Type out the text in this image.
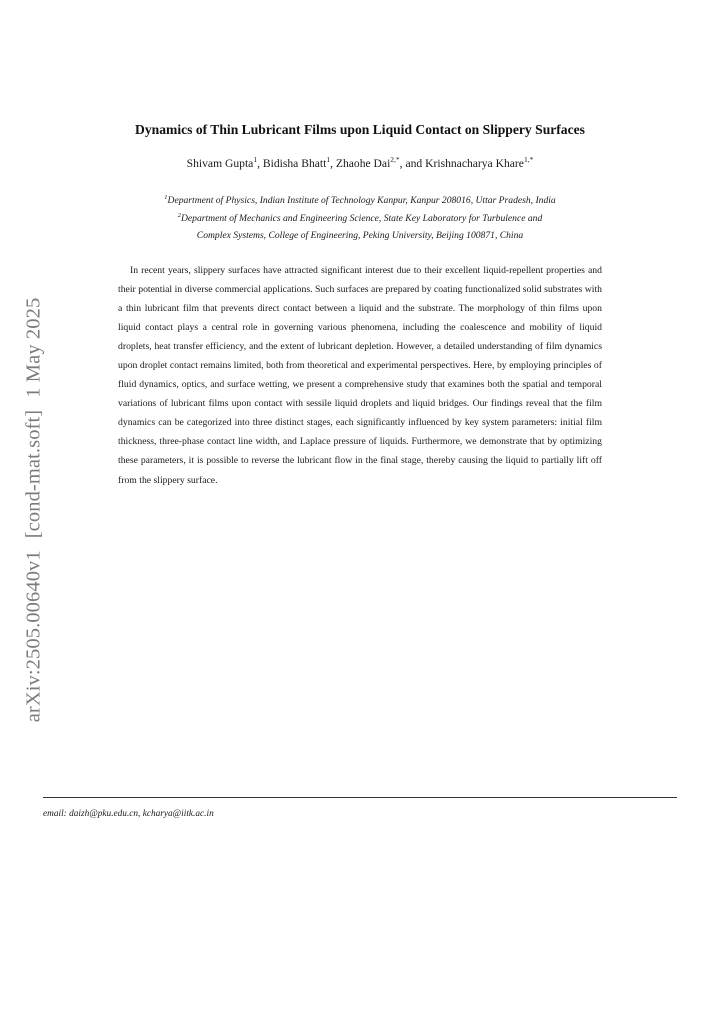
arXiv:2505.00640v1[cond-mat.soft]1 May 2025
Dynamics of Thin Lubricant Films upon Liquid Contact on Slippery Surfaces
Shivam Gupta$^1$, Bidisha Bhatt$^1$, Zhaohe Dai$^{2,*}$, and Krishnacharya Khare$^{1,*}$
$^1$Department of Physics, Indian Institute of Technology Kanpur, Kanpur 208016, Uttar Pradesh, India
$^2$Department of Mechanics and Engineering Science, State Key Laboratory for Turbulence and
Complex Systems, College of Engineering, Peking University, Beijing 100871, China

In recent years, slippery surfaces have attracted significant interest due to their excellent liquid-repellent properties and their potential in diverse commercial applications. Such surfaces are prepared by coating functionalized solid substrates with a thin lubricant film that prevents direct contact between a liquid and the substrate. The morphology of thin films upon liquid contact plays a central role in governing various phenomena, including the coalescence and mobility of liquid droplets, heat transfer efficiency, and the extent of lubricant depletion. However, a detailed understanding of film dynamics upon droplet contact remains limited, both from theoretical and experimental perspectives. Here, by employing principles of fluid dynamics, optics, and surface wetting, we present a comprehensive study that examines both the spatial and temporal variations of lubricant films upon contact with sessile liquid droplets and liquid bridges. Our findings reveal that the film dynamics can be categorized into three distinct stages, each significantly influenced by key system parameters: initial film thickness, three-phase contact line width, and Laplace pressure of liquids. Furthermore, we demonstrate that by optimizing these parameters, it is possible to reverse the lubricant flow in the final stage, thereby causing the liquid to partially lift off from the slippery surface.

email: daizh@pku.edu.cn, kcharya@iitk.ac.in
